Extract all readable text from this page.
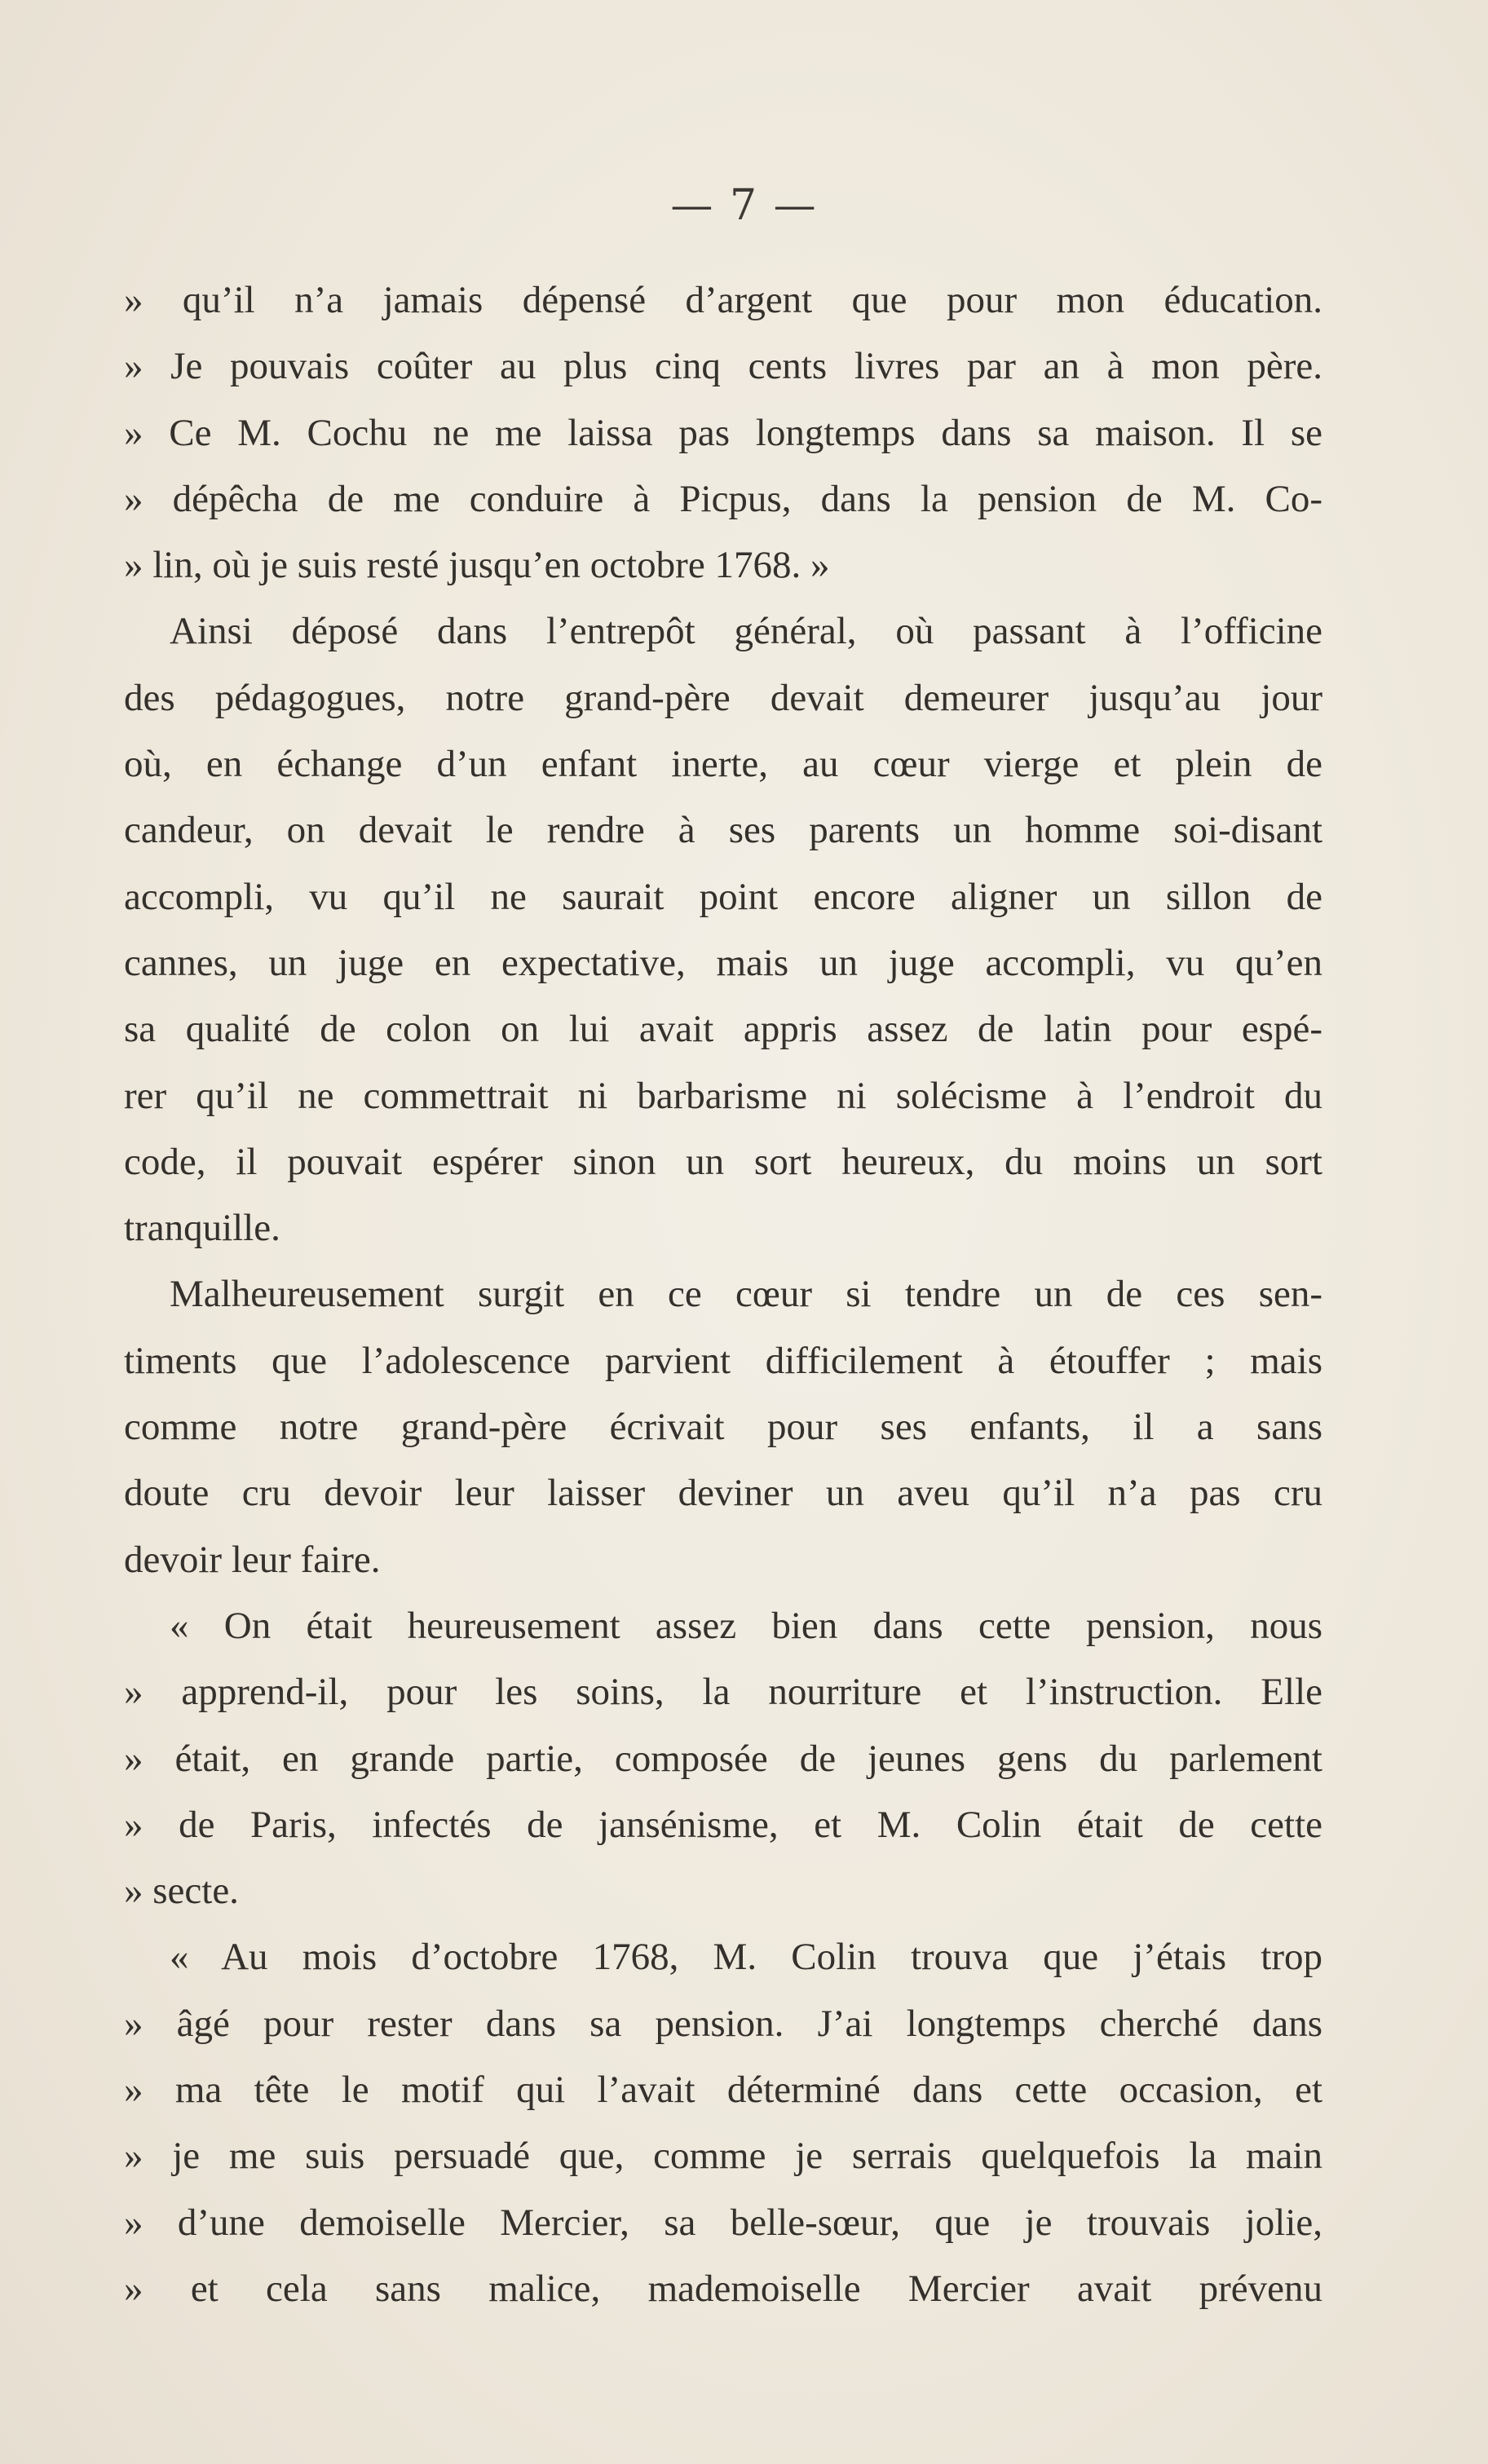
— 7 —
» qu’il n’a jamais dépensé d’argent que pour mon éducation.
» Je pouvais coûter au plus cinq cents livres par an à mon père.
» Ce M. Cochu ne me laissa pas longtemps dans sa maison. Il se
» dépêcha de me conduire à Picpus, dans la pension de M. Co-
» lin, où je suis resté jusqu’en octobre 1768. »
Ainsi déposé dans l’entrepôt général, où passant à l’officine
des pédagogues, notre grand-père devait demeurer jusqu’au jour
où, en échange d’un enfant inerte, au cœur vierge et plein de
candeur, on devait le rendre à ses parents un homme soi-disant
accompli, vu qu’il ne saurait point encore aligner un sillon de
cannes, un juge en expectative, mais un juge accompli, vu qu’en
sa qualité de colon on lui avait appris assez de latin pour espé-
rer qu’il ne commettrait ni barbarisme ni solécisme à l’endroit du
code, il pouvait espérer sinon un sort heureux, du moins un sort
tranquille.
Malheureusement surgit en ce cœur si tendre un de ces sen-
timents que l’adolescence parvient difficilement à étouffer ; mais
comme notre grand-père écrivait pour ses enfants, il a sans
doute cru devoir leur laisser deviner un aveu qu’il n’a pas cru
devoir leur faire.
« On était heureusement assez bien dans cette pension, nous
» apprend-il, pour les soins, la nourriture et l’instruction. Elle
» était, en grande partie, composée de jeunes gens du parlement
» de Paris, infectés de jansénisme, et M. Colin était de cette
» secte.
« Au mois d’octobre 1768, M. Colin trouva que j’étais trop
» âgé pour rester dans sa pension. J’ai longtemps cherché dans
» ma tête le motif qui l’avait déterminé dans cette occasion, et
» je me suis persuadé que, comme je serrais quelquefois la main
» d’une demoiselle Mercier, sa belle-sœur, que je trouvais jolie,
» et cela sans malice, mademoiselle Mercier avait prévenu
